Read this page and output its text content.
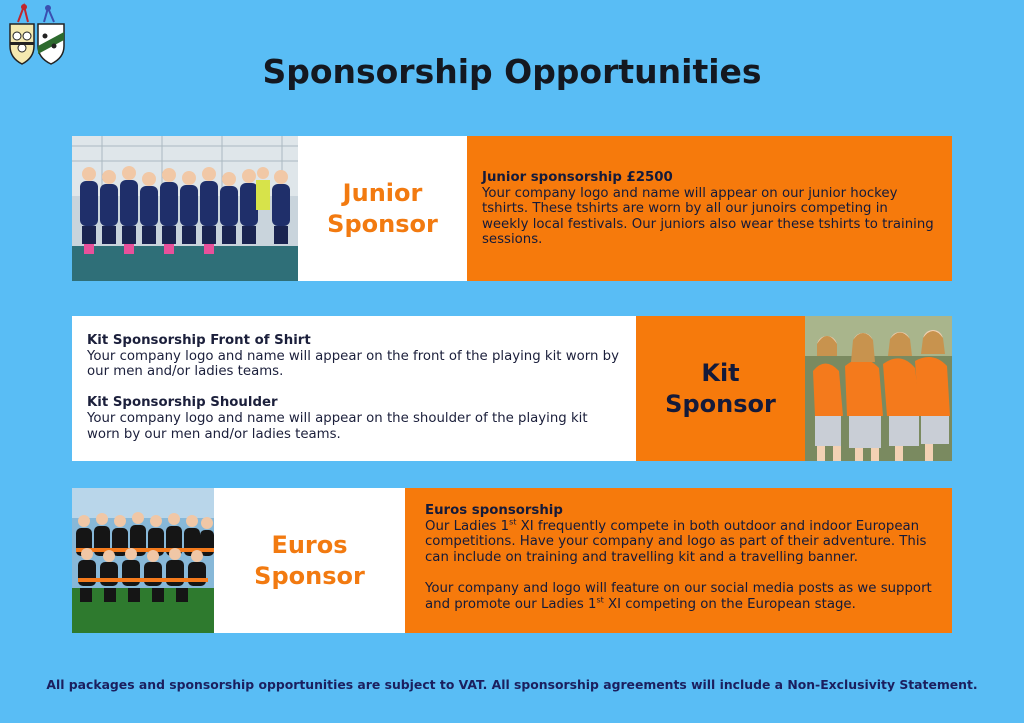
Sponsorship Opportunities
Junior
Sponsor
Junior sponsorship £2500

Your company logo and name will appear on our junior hockey tshirts. These tshirts are worn by all our junoirs competing in weekly local festivals. Our juniors also wear these tshirts to training sessions.

Kit Sponsorship Front of Shirt

Your company logo and name will appear on the front of the playing kit worn by our men and/or ladies teams.

Kit Sponsorship Shoulder

Your company logo and name will appear on the shoulder of the playing kit worn by our men and/or ladies teams.

Kit
Sponsor
Euros
Sponsor
Euros sponsorship

Our Ladies 1st XI frequently compete in both outdoor and indoor European competitions. Have your company and logo as part of their adventure. This can include on training and travelling kit and a travelling banner.

Your company and logo will feature on our social media posts as we support and promote our Ladies 1st XI competing on the European stage.

All packages and sponsorship opportunities are subject to VAT. All sponsorship agreements will include a Non-Exclusivity Statement.
